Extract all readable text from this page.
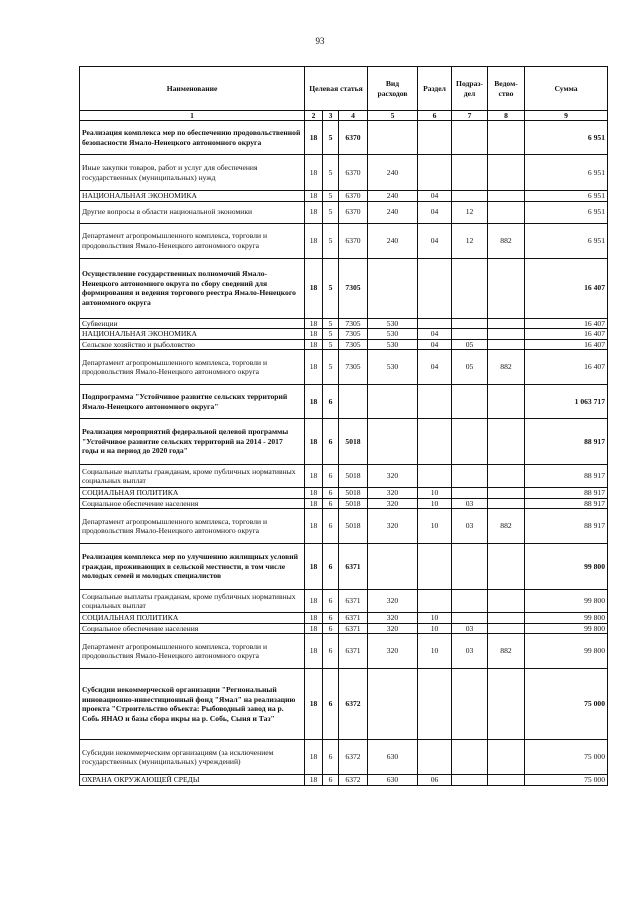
93
Наименование	Целевая статья			Вид расходов	Раздел	Подраз-дел	Ведом-ство	Сумма
1	2	3	4	5	6	7	8	9
Реализация комплекса мер по обеспечению продовольственной безопасности Ямало-Ненецкого автономного округа	18	5	6370					6 951
Иные закупки товаров, работ и услуг для обеспечения государственных (муниципальных) нужд	18	5	6370	240				6 951
НАЦИОНАЛЬНАЯ ЭКОНОМИКА	18	5	6370	240	04			6 951
Другие вопросы в области национальной экономики	18	5	6370	240	04	12		6 951
Департамент агропромышленного комплекса, торговли и продовольствия Ямало-Ненецкого автономного округа	18	5	6370	240	04	12	882	6 951
Осуществление государственных полномочий Ямало-Ненецкого автономного округа по сбору сведений для формирования и ведения торгового реестра Ямало-Ненецкого автономного округа	18	5	7305					16 407
Субвенции	18	5	7305	530				16 407
НАЦИОНАЛЬНАЯ ЭКОНОМИКА	18	5	7305	530	04			16 407
Сельское хозяйство и рыболовство	18	5	7305	530	04	05		16 407
Департамент агропромышленного комплекса, торговли и продовольствия Ямало-Ненецкого автономного округа	18	5	7305	530	04	05	882	16 407
Подпрограмма "Устойчивое развитие сельских территорий Ямало-Ненецкого автономного округа"	18	6						1 063 717
Реализация мероприятий федеральной целевой программы "Устойчивое развитие сельских территорий на 2014 - 2017 годы и на период до 2020 года"	18	6	5018					88 917
Социальные выплаты гражданам, кроме публичных нормативных социальных выплат	18	6	5018	320				88 917
СОЦИАЛЬНАЯ ПОЛИТИКА	18	6	5018	320	10			88 917
Социальное обеспечение населения	18	6	5018	320	10	03		88 917
Департамент агропромышленного комплекса, торговли и продовольствия Ямало-Ненецкого автономного округа	18	6	5018	320	10	03	882	88 917
Реализация комплекса мер по улучшению жилищных условий граждан, проживающих в сельской местности, в том числе молодых семей и молодых специалистов	18	6	6371					99 800
Социальные выплаты гражданам, кроме публичных нормативных социальных выплат	18	6	6371	320				99 800
СОЦИАЛЬНАЯ ПОЛИТИКА	18	6	6371	320	10			99 800
Социальное обеспечение населения	18	6	6371	320	10	03		99 800
Департамент агропромышленного комплекса, торговли и продовольствия Ямало-Ненецкого автономного округа	18	6	6371	320	10	03	882	99 800
Субсидии некоммерческой организации "Региональный инновационно-инвестиционный фонд "Ямал" на реализацию проекта "Строительство объекта: Рыбоводный завод на р. Собь ЯНАО и базы сбора икры на р. Собь, Сыня и Таз"	18	6	6372					75 000
Субсидии некоммерческим организациям (за исключением государственных (муниципальных) учреждений)	18	6	6372	630				75 000
ОХРАНА ОКРУЖАЮЩЕЙ СРЕДЫ	18	6	6372	630	06			75 000
